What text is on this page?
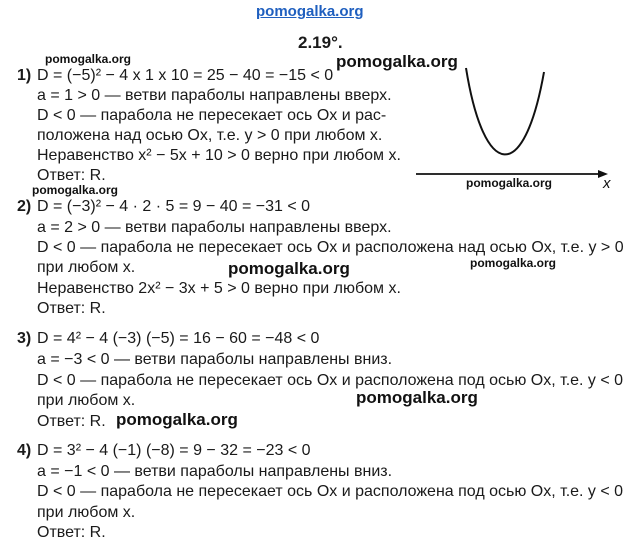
pomogalka.org
pomogalka.org	pomogalka.org
pomogalka.org
pomogalka.org
pomogalka.org
pomogalka.org
pomogalka.org
pomogalka.org
2.19°.
x
1) D = (−5)² − 4 x 1 x 10 = 25 − 40 = −15 < 0
a = 1 > 0 — ветви параболы направлены вверх.
D < 0 — парабола не пересекает ось Ox и рас-
положена над осью Ox, т.е. y > 0 при любом x.
Неравенство x² − 5x + 10 > 0 верно при любом x.
Ответ: R.
2) D = (−3)² − 4 · 2 · 5 = 9 − 40 = −31 < 0
a = 2 > 0 — ветви параболы направлены вверх.
D < 0 — парабола не пересекает ось Ox и расположена над осью Ox, т.е. y > 0
при любом x.
Неравенство 2x² − 3x + 5 > 0 верно при любом x.
Ответ: R.
3) D = 4² − 4 (−3) (−5) = 16 − 60 = −48 < 0
a = −3 < 0 — ветви параболы направлены вниз.
D < 0 — парабола не пересекает ось Ox и расположена под осью Ox, т.е. y < 0
при любом x.
Ответ: R.
4) D = 3² − 4 (−1) (−8) = 9 − 32 = −23 < 0
a = −1 < 0 — ветви параболы направлены вниз.
D < 0 — парабола не пересекает ось Ox и расположена под осью Ox, т.е. y < 0
при любом x.
Ответ: R.
